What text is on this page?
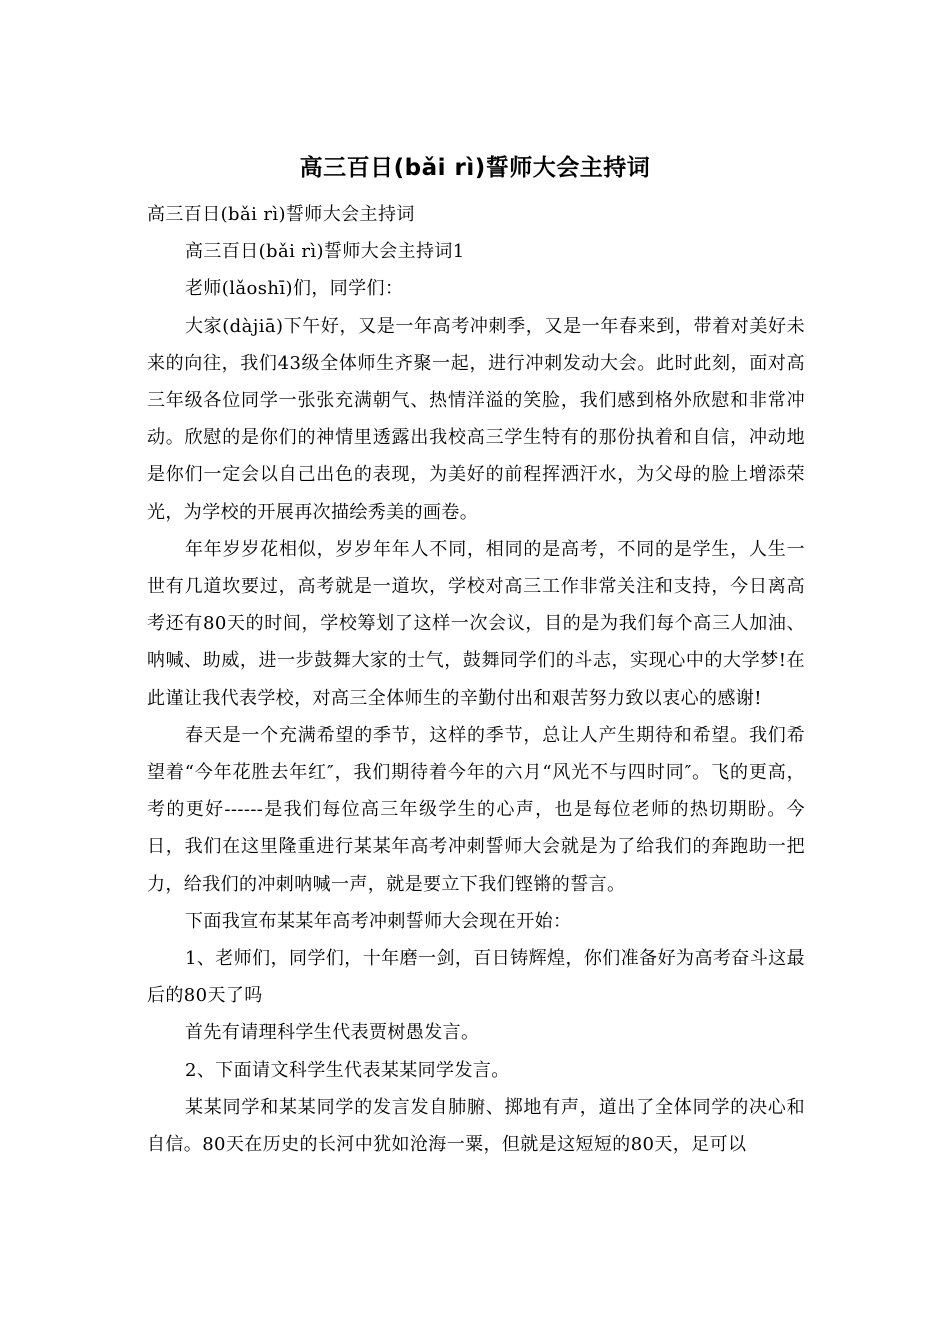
高三百日(bǎi rì)誓师大会主持词

高三百日(bǎi rì)誓师大会主持词

高三百日(bǎi rì)誓师大会主持词1

老师(lǎoshī)们，同学们：

大家(dàjiā)下午好，又是一年高考冲刺季，又是一年春来到，带着对美好未来的向往，我们43级全体师生齐聚一起，进行冲刺发动大会。此时此刻，面对高三年级各位同学一张张充满朝气、热情洋溢的笑脸，我们感到格外欣慰和非常冲动。欣慰的是你们的神情里透露出我校高三学生特有的那份执着和自信，冲动地是你们一定会以自己出色的表现，为美好的前程挥洒汗水，为父母的脸上增添荣光，为学校的开展再次描绘秀美的画卷。

年年岁岁花相似，岁岁年年人不同，相同的是高考，不同的是学生，人生一世有几道坎要过，高考就是一道坎，学校对高三工作非常关注和支持，今日离高考还有80天的时间，学校筹划了这样一次会议，目的是为我们每个高三人加油、呐喊、助威，进一步鼓舞大家的士气，鼓舞同学们的斗志，实现心中的大学梦!在此谨让我代表学校，对高三全体师生的辛勤付出和艰苦努力致以衷心的感谢!

春天是一个充满希望的季节，这样的季节，总让人产生期待和希望。我们希望着“今年花胜去年红″，我们期待着今年的六月“风光不与四时同″。飞的更高，考的更好------是我们每位高三年级学生的心声，也是每位老师的热切期盼。今日，我们在这里隆重进行某某年高考冲刺誓师大会就是为了给我们的奔跑助一把力，给我们的冲刺呐喊一声，就是要立下我们铿锵的誓言。

下面我宣布某某年高考冲刺誓师大会现在开始：

1、老师们，同学们，十年磨一剑，百日铸辉煌，你们准备好为高考奋斗这最后的80天了吗

首先有请理科学生代表贾树愚发言。

2、下面请文科学生代表某某同学发言。

某某同学和某某同学的发言发自肺腑、掷地有声，道出了全体同学的决心和自信。80天在历史的长河中犹如沧海一粟，但就是这短短的80天，足可以
